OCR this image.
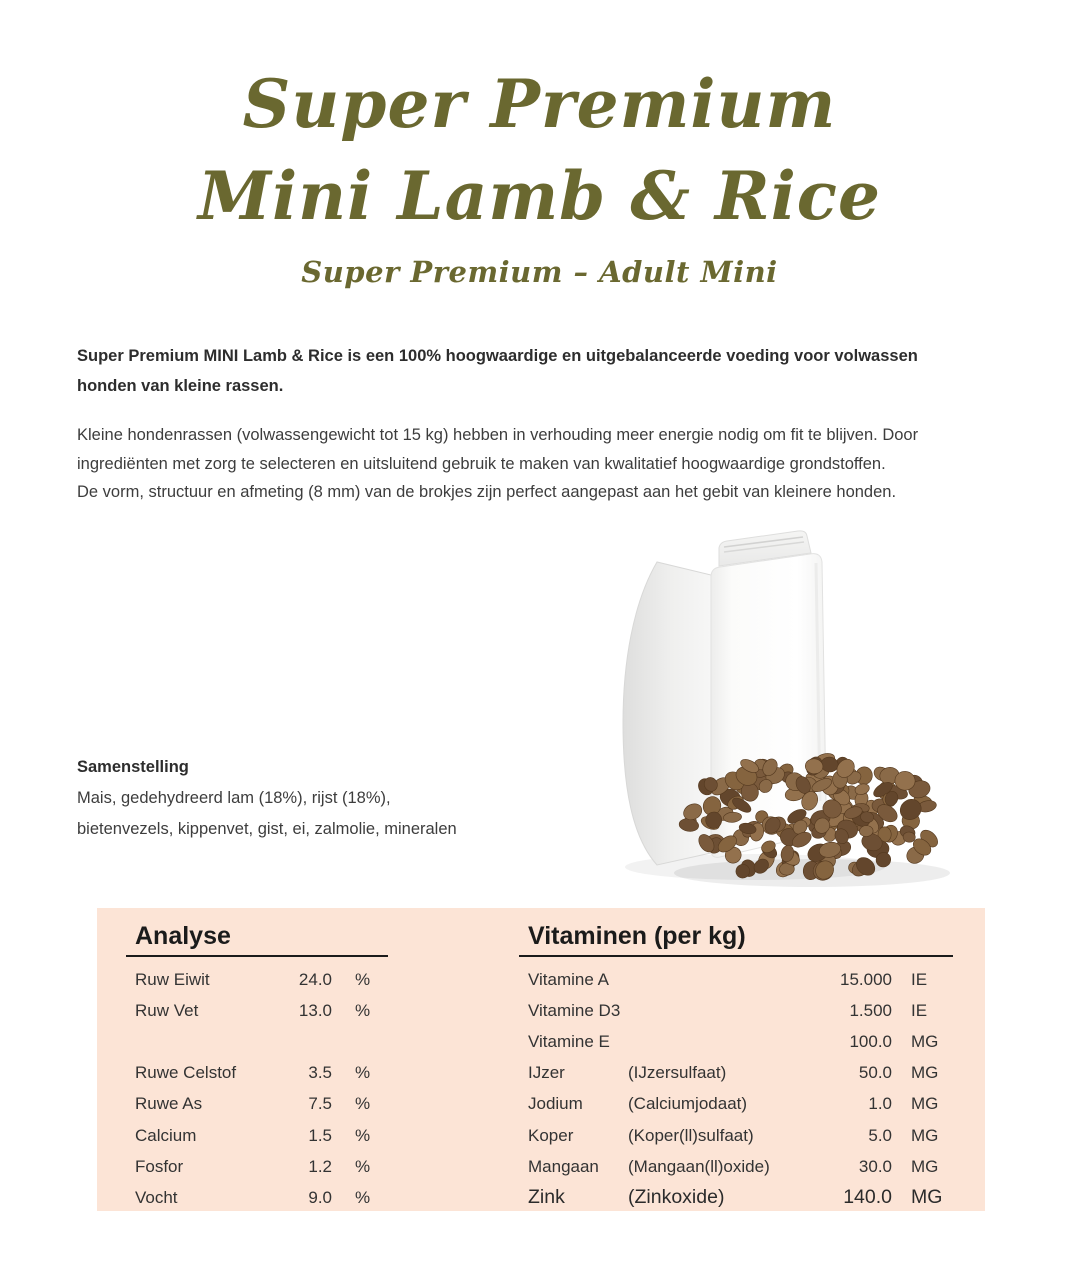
Super Premium
Mini Lamb & Rice
Super Premium – Adult Mini

Super Premium MINI Lamb & Rice is een 100% hoogwaardige en uitgebalanceerde voeding voor volwassen
honden van kleine rassen.

Kleine hondenrassen (volwassengewicht tot 15 kg) hebben in verhouding meer energie nodig om fit te blijven. Door
ingrediënten met zorg te selecteren en uitsluitend gebruik te maken van kwalitatief hoogwaardige grondstoffen.
De vorm, structuur en afmeting (8 mm) van de brokjes zijn perfect aangepast aan het gebit van kleinere honden.

Samenstelling
Mais, gedehydreerd lam (18%), rijst (18%),
bietenvezels, kippenvet, gist, ei, zalmolie, mineralen
Analyse
Ruw Eiwit	24.0 %
Ruw Vet	13.0 %
Ruwe Celstof	3.5 %
Ruwe As	7.5 %
Calcium	1.5 %
Fosfor	1.2 %
Vocht	9.0 %
Vitaminen (per kg)
Vitamine A	15.000 IE
Vitamine D3	1.500 IE
Vitamine E	100.0 MG
IJzer	(IJzersulfaat)	50.0 MG
Jodium	(Calciumjodaat)	1.0 MG
Koper	(Koper(ll)sulfaat)	5.0 MG
Mangaan	(Mangaan(ll)oxide)	30.0 MG
Zink	(Zinkoxide)	140.0 MG
